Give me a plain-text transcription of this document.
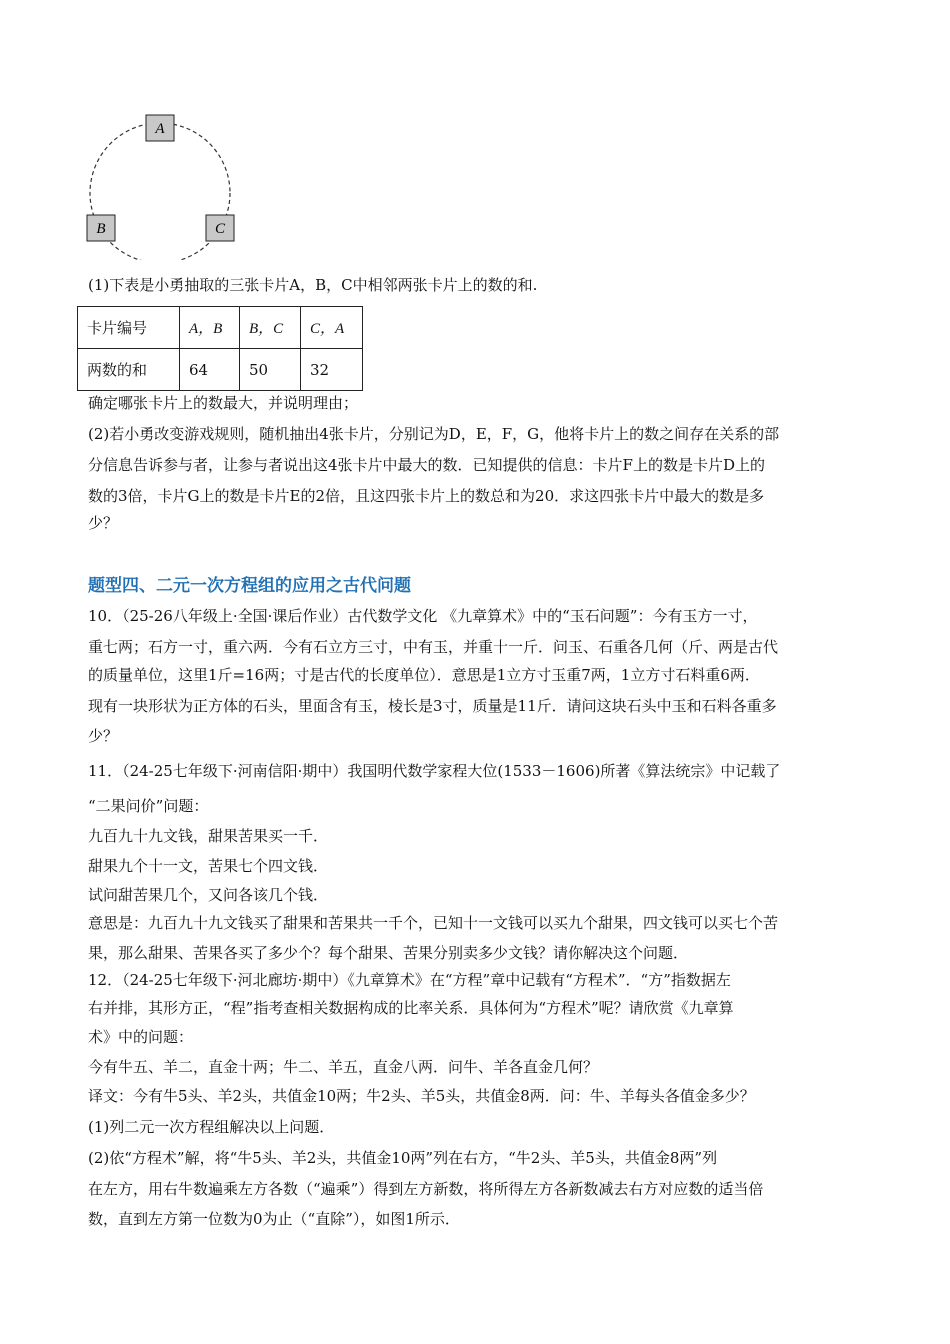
A
B	C
(1)下表是小勇抽取的三张卡片A，B，C中相邻两张卡片上的数的和.
卡片编号	A，B	B，C	C，A
两数的和	64	50	32
确定哪张卡片上的数最大，并说明理由；
(2)若小勇改变游戏规则，随机抽出4张卡片，分别记为D，E，F，G，他将卡片上的数之间存在关系的部
分信息告诉参与者，让参与者说出这4张卡片中最大的数．已知提供的信息：卡片F上的数是卡片D上的
数的3倍，卡片G上的数是卡片E的2倍，且这四张卡片上的数总和为20．求这四张卡片中最大的数是多
少？
题型四、二元一次方程组的应用之古代问题
10．（25-26八年级上·全国·课后作业）古代数学文化 《九章算术》中的“玉石问题”：今有玉方一寸，
重七两；石方一寸，重六两．今有石立方三寸，中有玉，并重十一斤．问玉、石重各几何（斤、两是古代
的质量单位，这里1斤=16两；寸是古代的长度单位）．意思是1立方寸玉重7两，1立方寸石料重6两．
现有一块形状为正方体的石头，里面含有玉，棱长是3寸，质量是11斤．请问这块石头中玉和石料各重多
少？
11．（24-25七年级下·河南信阳·期中）我国明代数学家程大位(1533－1606)所著《算法统宗》中记载了
“二果问价”问题：
九百九十九文钱，甜果苦果买一千．
甜果九个十一文，苦果七个四文钱．
试问甜苦果几个，又问各该几个钱．
意思是：九百九十九文钱买了甜果和苦果共一千个，已知十一文钱可以买九个甜果，四文钱可以买七个苦
果，那么甜果、苦果各买了多少个？每个甜果、苦果分别卖多少文钱？请你解决这个问题．
12．（24-25七年级下·河北廊坊·期中）《九章算术》在“方程”章中记载有“方程术”．“方”指数据左
右并排，其形方正，“程”指考查相关数据构成的比率关系．具体何为“方程术”呢？请欣赏《九章算
术》中的问题：
今有牛五、羊二，直金十两；牛二、羊五，直金八两．问牛、羊各直金几何？
译文：今有牛5头、羊2头，共值金10两；牛2头、羊5头，共值金8两．问：牛、羊每头各值金多少？
(1)列二元一次方程组解决以上问题．
(2)依“方程术”解，将“牛5头、羊2头，共值金10两”列在右方，“牛2头、羊5头，共值金8两”列
在左方，用右牛数遍乘左方各数（“遍乘”）得到左方新数，将所得左方各新数减去右方对应数的适当倍
数，直到左方第一位数为0为止（“直除”），如图1所示．
